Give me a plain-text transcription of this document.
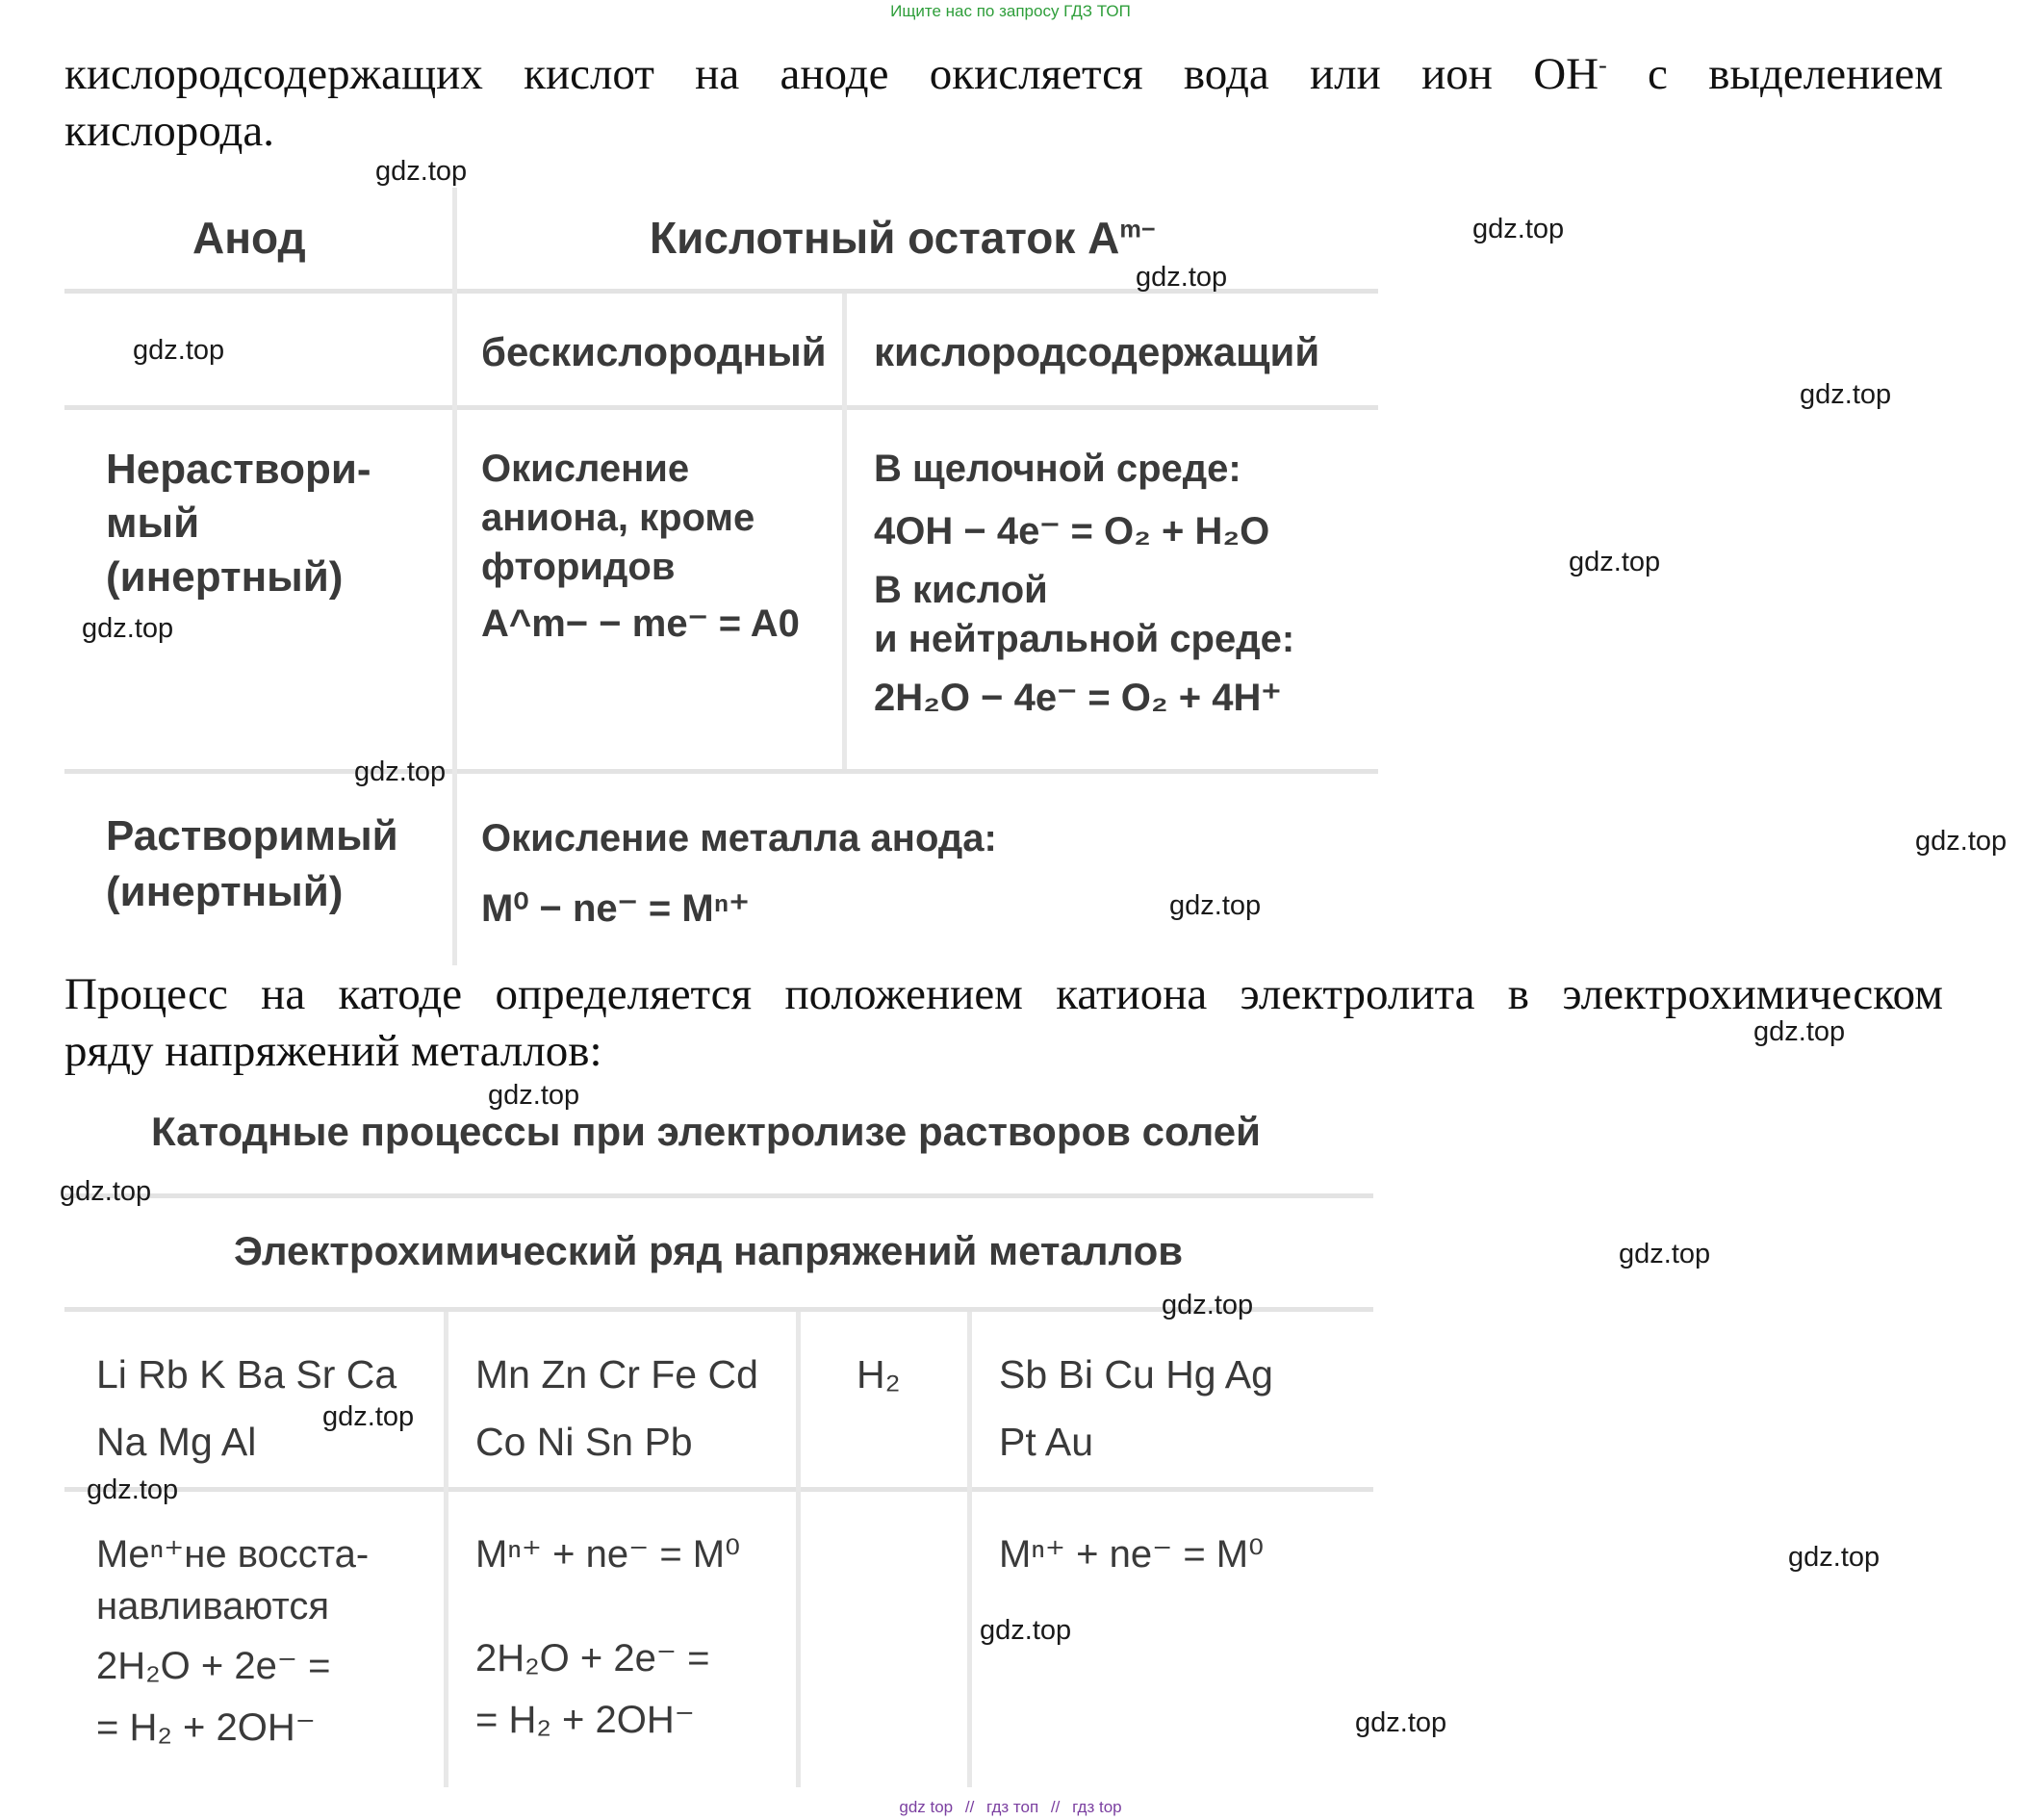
Ищите нас по запросу ГДЗ ТОП
кислородсодержащих кислот на аноде окисляется вода или ион OH- с выделением
кислорода.
Анод	Кислотный остаток $A^{m-}$
бескислородный кислородсодержащий
Нераствори-
мый
(инертный)
Окисление
аниона, кроме
фторидов
A^m− − me⁻ = A0
В щелочной среде:
4OH − 4e⁻ = O₂ + H₂O
В кислой
и нейтральной среде:
2H₂O − 4e⁻ = O₂ + 4H⁺
Растворимый
(инертный)
Окисление металла анода:
M⁰ − ne⁻ = Mⁿ⁺
Процесс на катоде определяется положением катиона электролита в электрохимическом
ряду напряжений металлов:
Катодные процессы при электролизе растворов солей
Электрохимический ряд напряжений металлов
Li Rb K Ba Sr Ca
Na Mg Al
Mn Zn Cr Fe Cd
Co Ni Sn Pb
H₂ Sb Bi Cu Hg Ag
Pt Au
Meⁿ⁺не восста-
навливаются
2H₂O + 2e⁻ =
= H₂ + 2OH⁻
Mⁿ⁺ + ne⁻ = M⁰
2H₂O + 2e⁻ =
= H₂ + 2OH⁻
Mⁿ⁺ + ne⁻ = M⁰
gdz.top
gdz.top
gdz.top
gdz.top
gdz.top
gdz.top
gdz.top
gdz.top
gdz.top
gdz.top
gdz.top
gdz.top
gdz.top
gdz.top
gdz.top
gdz.top
gdz.top
gdz.top
gdz.top
gdz.top
gdz top // гдз топ // гдз top
